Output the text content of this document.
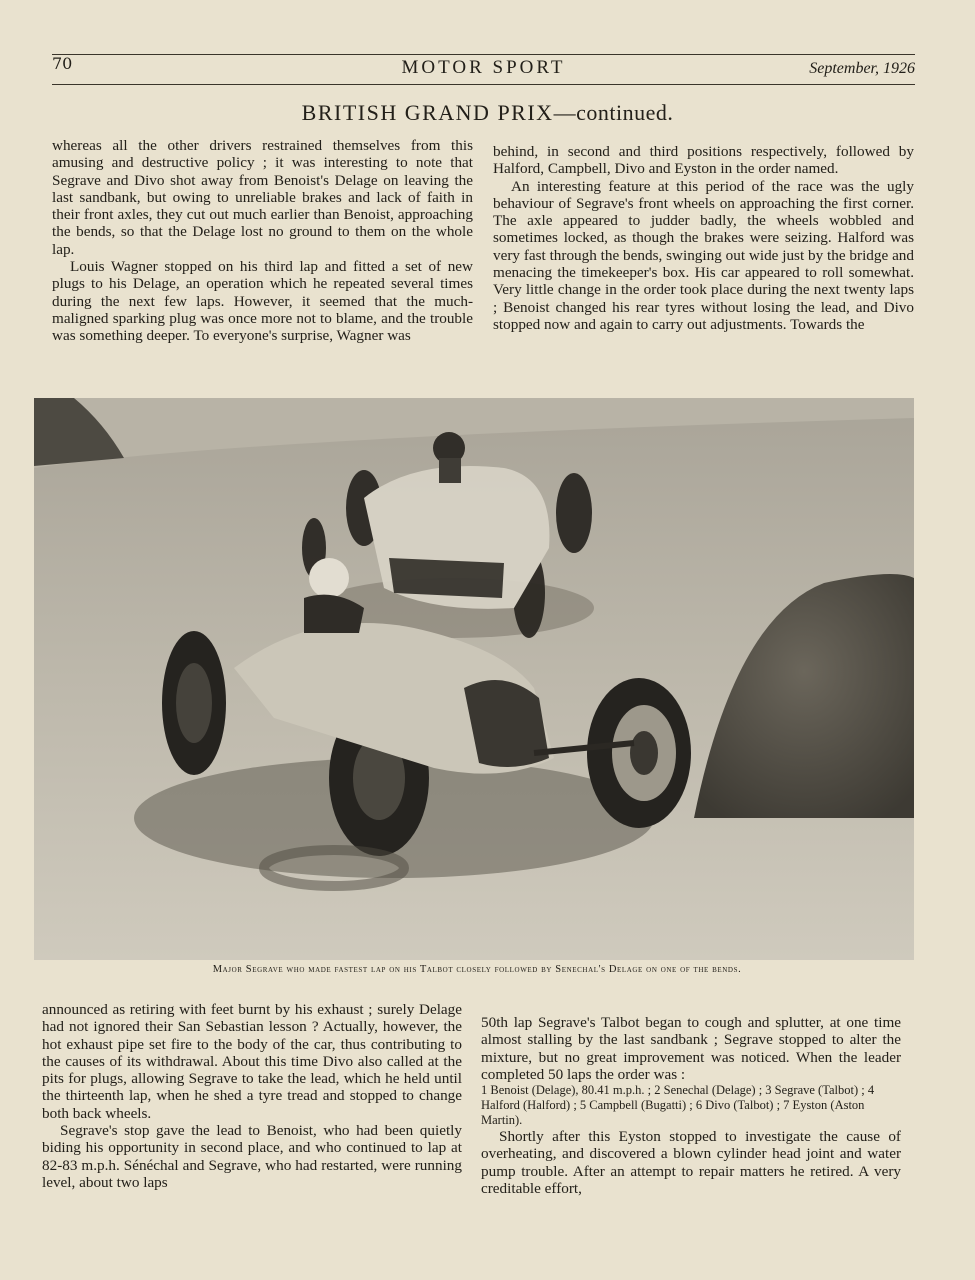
70	MOTOR SPORT	September, 1926
BRITISH GRAND PRIX—continued.

whereas all the other drivers restrained themselves from this amusing and destructive policy ; it was interesting to note that Segrave and Divo shot away from Benoist's Delage on leaving the last sandbank, but owing to unreliable brakes and lack of faith in their front axles, they cut out much earlier than Benoist, approaching the bends, so that the Delage lost no ground to them on the whole lap.

Louis Wagner stopped on his third lap and fitted a set of new plugs to his Delage, an operation which he repeated several times during the next few laps. However, it seemed that the much-maligned sparking plug was once more not to blame, and the trouble was something deeper. To everyone's surprise, Wagner was

behind, in second and third positions respectively, followed by Halford, Campbell, Divo and Eyston in the order named.

An interesting feature at this period of the race was the ugly behaviour of Segrave's front wheels on approaching the first corner. The axle appeared to judder badly, the wheels wobbled and sometimes locked, as though the brakes were seizing. Halford was very fast through the bends, swinging out wide just by the bridge and menacing the timekeeper's box. His car appeared to roll somewhat. Very little change in the order took place during the next twenty laps ; Benoist changed his rear tyres without losing the lead, and Divo stopped now and again to carry out adjustments. Towards the

Major Segrave who made fastest lap on his Talbot closely followed by Senechal's Delage on one of the bends.

announced as retiring with feet burnt by his exhaust ; surely Delage had not ignored their San Sebastian lesson ? Actually, however, the hot exhaust pipe set fire to the body of the car, thus contributing to the causes of its withdrawal. About this time Divo also called at the pits for plugs, allowing Segrave to take the lead, which he held until the thirteenth lap, when he shed a tyre tread and stopped to change both back wheels.

Segrave's stop gave the lead to Benoist, who had been quietly biding his opportunity in second place, and who continued to lap at 82-83 m.p.h. Sénéchal and Segrave, who had restarted, were running level, about two laps

50th lap Segrave's Talbot began to cough and splutter, at one time almost stalling by the last sandbank ; Segrave stopped to alter the mixture, but no great improvement was noticed. When the leader completed 50 laps the order was :

1 Benoist (Delage), 80.41 m.p.h. ; 2 Senechal (Delage) ; 3 Segrave (Talbot) ; 4 Halford (Halford) ; 5 Campbell (Bugatti) ; 6 Divo (Talbot) ; 7 Eyston (Aston Martin).

Shortly after this Eyston stopped to investigate the cause of overheating, and discovered a blown cylinder head joint and water pump trouble. After an attempt to repair matters he retired. A very creditable effort,
